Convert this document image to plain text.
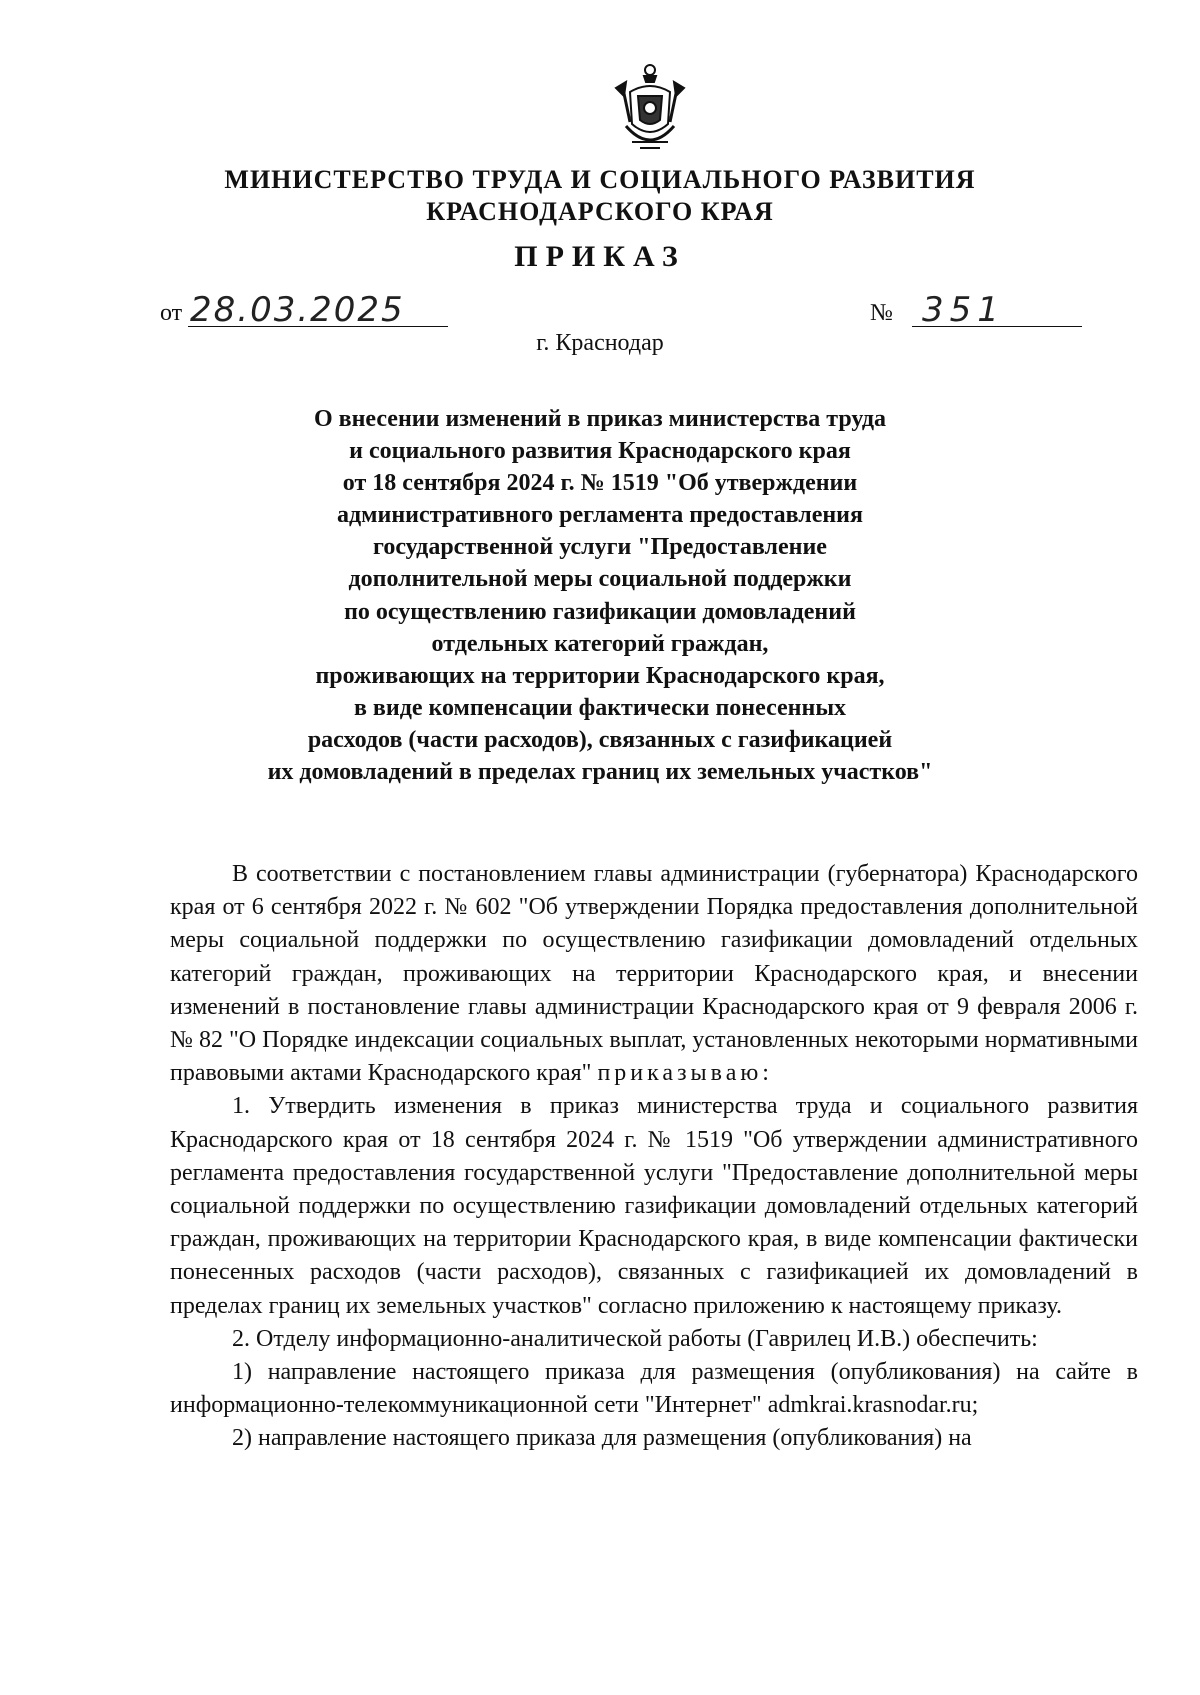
МИНИСТЕРСТВО ТРУДА И СОЦИАЛЬНОГО РАЗВИТИЯ
КРАСНОДАРСКОГО КРАЯ
ПРИКАЗ
от 28.03.2025	№ 351
г. Краснодар
О внесении изменений в приказ министерства труда
и социального развития Краснодарского края
от 18 сентября 2024 г. № 1519 "Об утверждении
административного регламента предоставления
государственной услуги "Предоставление
дополнительной меры социальной поддержки
по осуществлению газификации домовладений
отдельных категорий граждан,
проживающих на территории Краснодарского края,
в виде компенсации фактически понесенных
расходов (части расходов), связанных с газификацией
их домовладений в пределах границ их земельных участков"

В соответствии с постановлением главы администрации (губернатора) Краснодарского края от 6 сентября 2022 г. № 602 "Об утверждении Порядка предоставления дополнительной меры социальной поддержки по осуществлению газификации домовладений отдельных категорий граждан, проживающих на территории Краснодарского края, и внесении изменений в постановление главы администрации Краснодарского края от 9 февраля 2006 г. № 82 "О Порядке индексации социальных выплат, установленных некоторыми нормативными правовыми актами Краснодарского края" приказываю:

1. Утвердить изменения в приказ министерства труда и социального развития Краснодарского края от 18 сентября 2024 г. № 1519 "Об утверждении административного регламента предоставления государственной услуги "Предоставление дополнительной меры социальной поддержки по осуществлению газификации домовладений отдельных категорий граждан, проживающих на территории Краснодарского края, в виде компенсации фактически понесенных расходов (части расходов), связанных с газификацией их домовладений в пределах границ их земельных участков" согласно приложению к настоящему приказу.

2. Отделу информационно-аналитической работы (Гаврилец И.В.) обеспечить:

1) направление настоящего приказа для размещения (опубликования) на сайте в информационно-телекоммуникационной сети "Интернет" admkrai.krasnodar.ru;

2) направление настоящего приказа для размещения (опубликования) на
